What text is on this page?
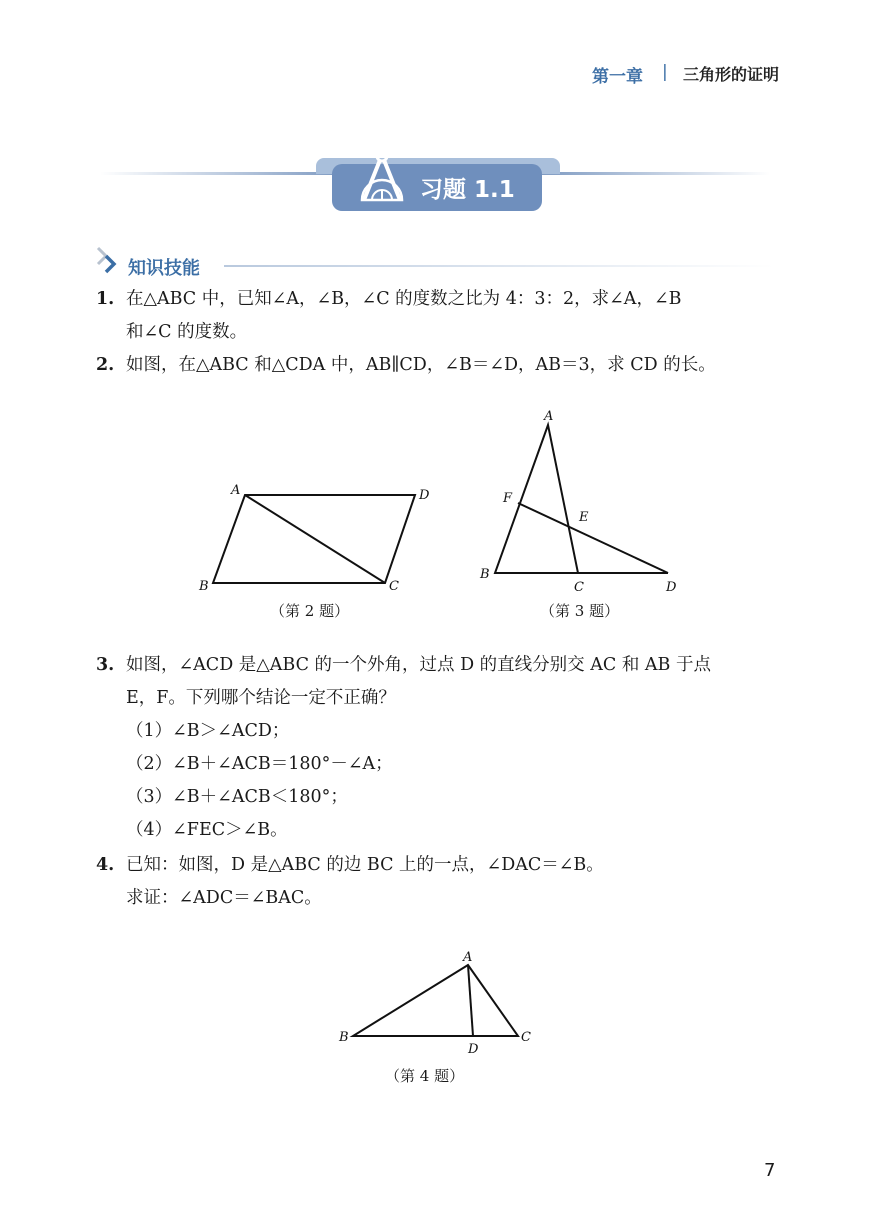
第一章 | 三角形的证明
习题 1.1
知识技能
1. 在△ABC 中，已知∠A，∠B，∠C 的度数之比为 4：3：2，求∠A，∠B
和∠C 的度数。
2. 如图，在△ABC 和△CDA 中，AB∥CD，∠B＝∠D，AB＝3，求 CD 的长。
A	D
B	C
（第 2 题）
A
F
E
B
C	D
（第 3 题）
3. 如图，∠ACD 是△ABC 的一个外角，过点 D 的直线分别交 AC 和 AB 于点
E，F。下列哪个结论一定不正确？
（1）∠B＞∠ACD；
（2）∠B＋∠ACB＝180°－∠A；
（3）∠B＋∠ACB＜180°；
（4）∠FEC＞∠B。
4. 已知：如图，D 是△ABC 的边 BC 上的一点，∠DAC＝∠B。
求证：∠ADC＝∠BAC。
A
B	C
D
（第 4 题）
7
